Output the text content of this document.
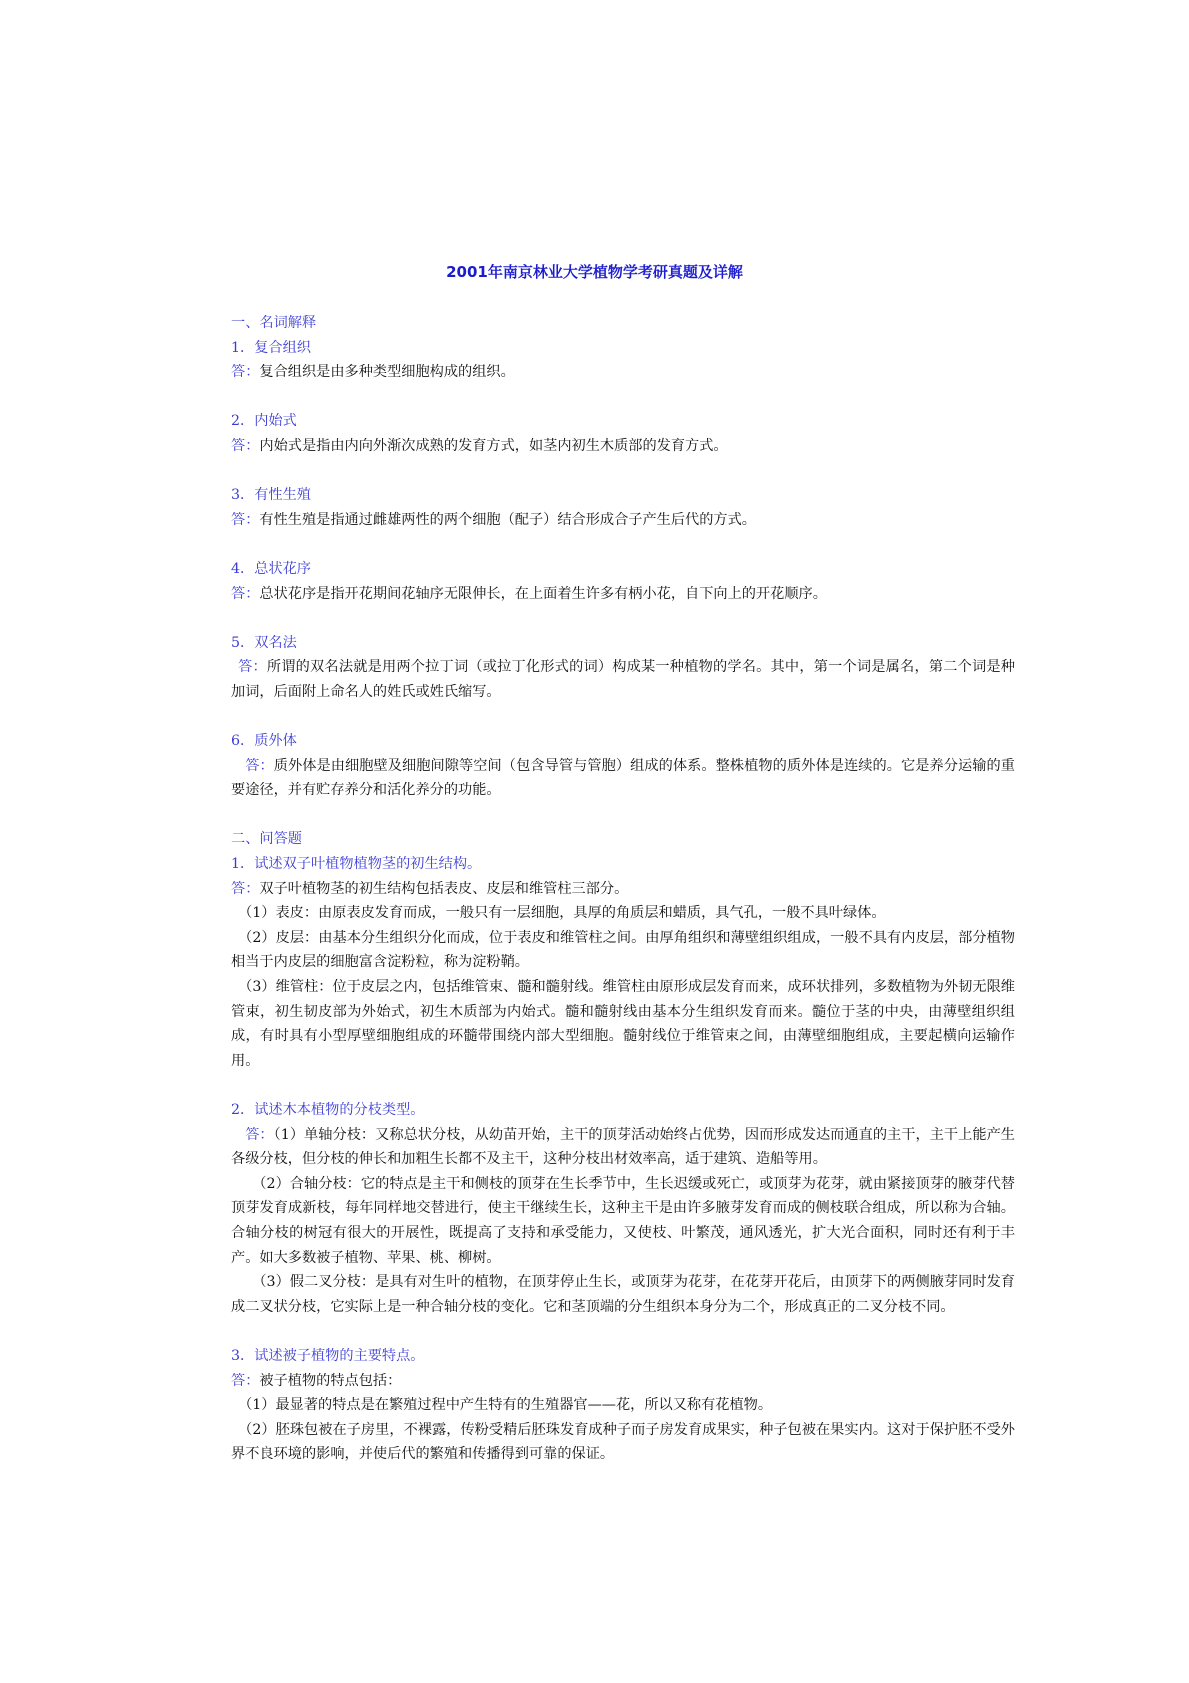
2001年南京林业大学植物学考研真题及详解

一、名词解释

1．复合组织

答：复合组织是由多种类型细胞构成的组织。

2．内始式

答：内始式是指由内向外渐次成熟的发育方式，如茎内初生木质部的发育方式。

3．有性生殖

答：有性生殖是指通过雌雄两性的两个细胞（配子）结合形成合子产生后代的方式。

4．总状花序

答：总状花序是指开花期间花轴序无限伸长，在上面着生许多有柄小花，自下向上的开花顺序。

5．双名法

答：所谓的双名法就是用两个拉丁词（或拉丁化形式的词）构成某一种植物的学名。其中，第一个词是属名，第二个词是种加词，后面附上命名人的姓氏或姓氏缩写。

6．质外体

答：质外体是由细胞壁及细胞间隙等空间（包含导管与管胞）组成的体系。整株植物的质外体是连续的。它是养分运输的重要途径，并有贮存养分和活化养分的功能。

二、问答题

1．试述双子叶植物植物茎的初生结构。

答：双子叶植物茎的初生结构包括表皮、皮层和维管柱三部分。

（1）表皮：由原表皮发育而成，一般只有一层细胞，具厚的角质层和蜡质，具气孔，一般不具叶绿体。

（2）皮层：由基本分生组织分化而成，位于表皮和维管柱之间。由厚角组织和薄壁组织组成，一般不具有内皮层，部分植物相当于内皮层的细胞富含淀粉粒，称为淀粉鞘。

（3）维管柱：位于皮层之内，包括维管束、髓和髓射线。维管柱由原形成层发育而来，成环状排列，多数植物为外韧无限维管束，初生韧皮部为外始式，初生木质部为内始式。髓和髓射线由基本分生组织发育而来。髓位于茎的中央，由薄壁组织组成，有时具有小型厚壁细胞组成的环髓带围绕内部大型细胞。髓射线位于维管束之间，由薄壁细胞组成，主要起横向运输作用。

2．试述木本植物的分枝类型。

答：（1）单轴分枝：又称总状分枝，从幼苗开始，主干的顶芽活动始终占优势，因而形成发达而通直的主干，主干上能产生各级分枝，但分枝的伸长和加粗生长都不及主干，这种分枝出材效率高，适于建筑、造船等用。

（2）合轴分枝：它的特点是主干和侧枝的顶芽在生长季节中，生长迟缓或死亡，或顶芽为花芽，就由紧接顶芽的腋芽代替顶芽发育成新枝，每年同样地交替进行，使主干继续生长，这种主干是由许多腋芽发育而成的侧枝联合组成，所以称为合轴。合轴分枝的树冠有很大的开展性，既提高了支持和承受能力，又使枝、叶繁茂，通风透光，扩大光合面积，同时还有利于丰产。如大多数被子植物、苹果、桃、柳树。

（3）假二叉分枝：是具有对生叶的植物，在顶芽停止生长，或顶芽为花芽，在花芽开花后，由顶芽下的两侧腋芽同时发育成二叉状分枝，它实际上是一种合轴分枝的变化。它和茎顶端的分生组织本身分为二个，形成真正的二叉分枝不同。

3．试述被子植物的主要特点。

答：被子植物的特点包括：

（1）最显著的特点是在繁殖过程中产生特有的生殖器官——花，所以又称有花植物。

（2）胚珠包被在子房里，不裸露，传粉受精后胚珠发育成种子而子房发育成果实，种子包被在果实内。这对于保护胚不受外界不良环境的影响，并使后代的繁殖和传播得到可靠的保证。
